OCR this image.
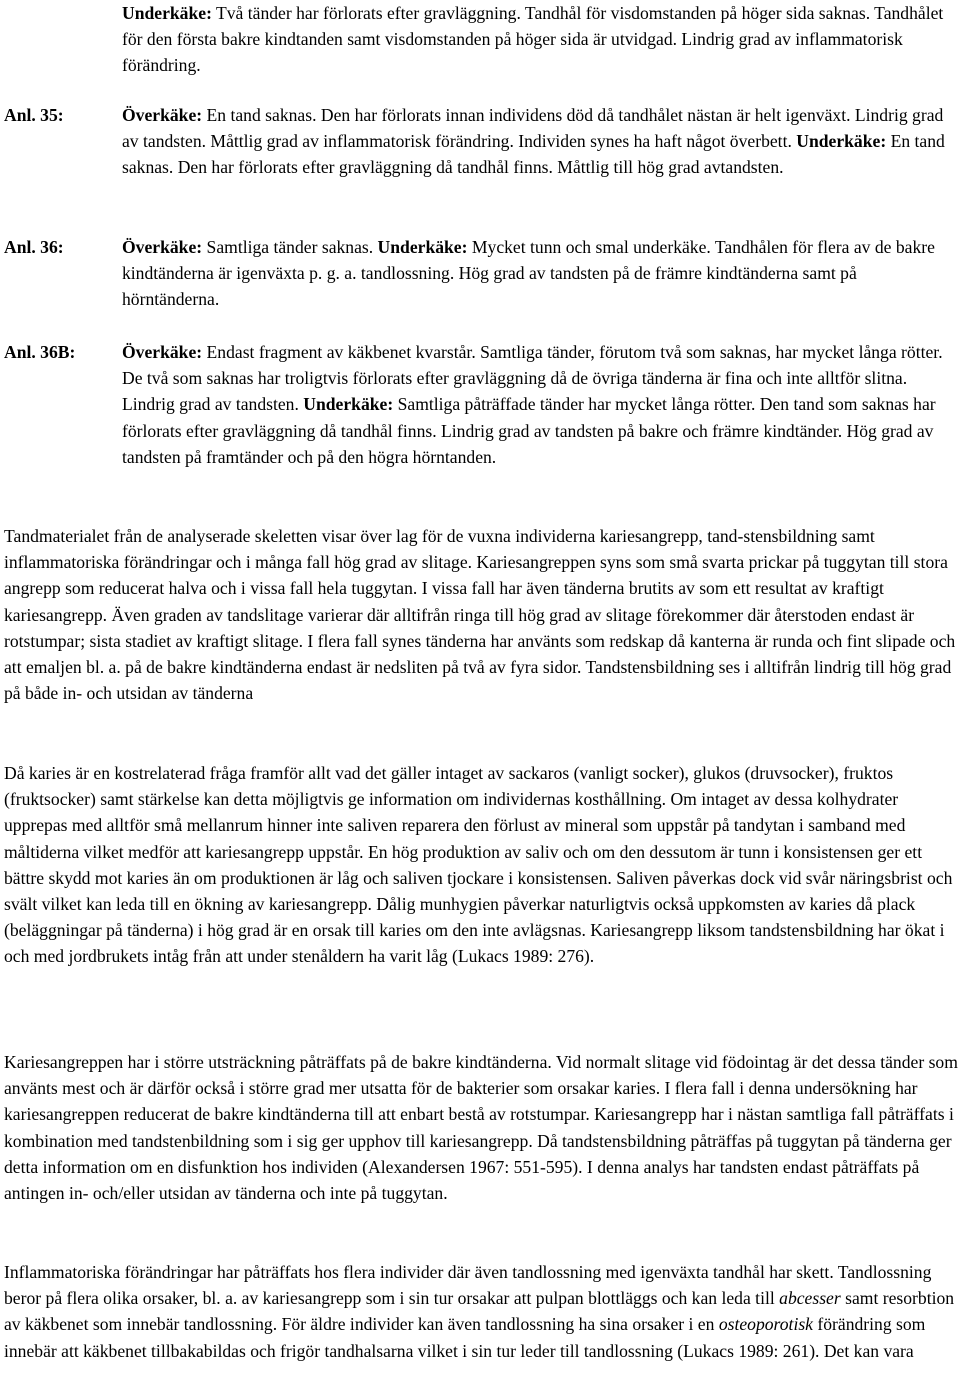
Underkäke: Två tänder har förlorats efter gravläggning. Tandhål för visdomstanden på höger sida saknas. Tandhålet för den första bakre kindtanden samt visdomstanden på höger sida är utvidgad. Lindrig grad av inflammatorisk förändring.
Anl. 35:	Överkäke: En tand saknas. Den har förlorats innan individens död då tandhålet nästan är helt igenväxt. Lindrig grad av tandsten. Måttlig grad av inflammatorisk förändring. Individen synes ha haft något överbett. Underkäke: En tand saknas. Den har förlorats efter gravläggning då tandhål finns. Måttlig till hög grad avtandsten.
Anl. 36:	Överkäke: Samtliga tänder saknas. Underkäke: Mycket tunn och smal underkäke. Tandhålen för flera av de bakre kindtänderna är igenväxta p. g. a. tandlossning. Hög grad av tandsten på de främre kindtänderna samt på hörntänderna.
Anl. 36B:	Överkäke: Endast fragment av käkbenet kvarstår. Samtliga tänder, förutom två som saknas, har mycket långa rötter. De två som saknas har troligtvis förlorats efter gravläggning då de övriga tänderna är fina och inte alltför slitna. Lindrig grad av tandsten. Underkäke: Samtliga påträffade tänder har mycket långa rötter. Den tand som saknas har förlorats efter gravläggning då tandhål finns. Lindrig grad av tandsten på bakre och främre kindtänder. Hög grad av tandsten på framtänder och på den högra hörntanden.

Tandmaterialet från de analyserade skeletten visar över lag för de vuxna individerna kariesangrepp, tand-stensbildning samt inflammatoriska förändringar och i många fall hög grad av slitage. Kariesangreppen syns som små svarta prickar på tuggytan till stora angrepp som reducerat halva och i vissa fall hela tuggytan. I vissa fall har även tänderna brutits av som ett resultat av kraftigt kariesangrepp. Även graden av tandslitage varierar där alltifrån ringa till hög grad av slitage förekommer där återstoden endast är rotstumpar; sista stadiet av kraftigt slitage. I flera fall synes tänderna har använts som redskap då kanterna är runda och fint slipade och att emaljen bl. a. på de bakre kindtänderna endast är nedsliten på två av fyra sidor. Tandstensbildning ses i alltifrån lindrig till hög grad på både in- och utsidan av tänderna

Då karies är en kostrelaterad fråga framför allt vad det gäller intaget av sackaros (vanligt socker), glukos (druvsocker), fruktos (fruktsocker) samt stärkelse kan detta möjligtvis ge information om individernas kosthållning. Om intaget av dessa kolhydrater upprepas med alltför små mellanrum hinner inte saliven reparera den förlust av mineral som uppstår på tandytan i samband med måltiderna vilket medför att kariesangrepp uppstår. En hög produktion av saliv och om den dessutom är tunn i konsistensen ger ett bättre skydd mot karies än om produktionen är låg och saliven tjockare i konsistensen. Saliven påverkas dock vid svår näringsbrist och svält vilket kan leda till en ökning av kariesangrepp. Dålig munhygien påverkar naturligtvis också uppkomsten av karies då plack (beläggningar på tänderna) i hög grad är en orsak till karies om den inte avlägsnas. Kariesangrepp liksom tandstensbildning har ökat i och med jordbrukets intåg från att under stenåldern ha varit låg (Lukacs 1989: 276).

Kariesangreppen har i större utsträckning påträffats på de bakre kindtänderna. Vid normalt slitage vid födointag är det dessa tänder som använts mest och är därför också i större grad mer utsatta för de bakterier som orsakar karies. I flera fall i denna undersökning har kariesangreppen reducerat de bakre kindtänderna till att enbart bestå av rotstumpar. Kariesangrepp har i nästan samtliga fall påträffats i kombination med tandstenbildning som i sig ger upphov till kariesangrepp. Då tandstensbildning påträffas på tuggytan på tänderna ger detta information om en disfunktion hos individen (Alexandersen 1967: 551-595). I denna analys har tandsten endast påträffats på antingen in- och/eller utsidan av tänderna och inte på tuggytan.

Inflammatoriska förändringar har påträffats hos flera individer där även tandlossning med igenväxta tandhål har skett. Tandlossning beror på flera olika orsaker, bl. a. av kariesangrepp som i sin tur orsakar att pulpan blottläggs och kan leda till abcesser samt resorbtion av käkbenet som innebär tandlossning. För äldre individer kan även tandlossning ha sina orsaker i en osteoporotisk förändring som innebär att käkbenet tillbakabildas och frigör tandhalsarna vilket i sin tur leder till tandlossning (Lukacs 1989: 261). Det kan vara
